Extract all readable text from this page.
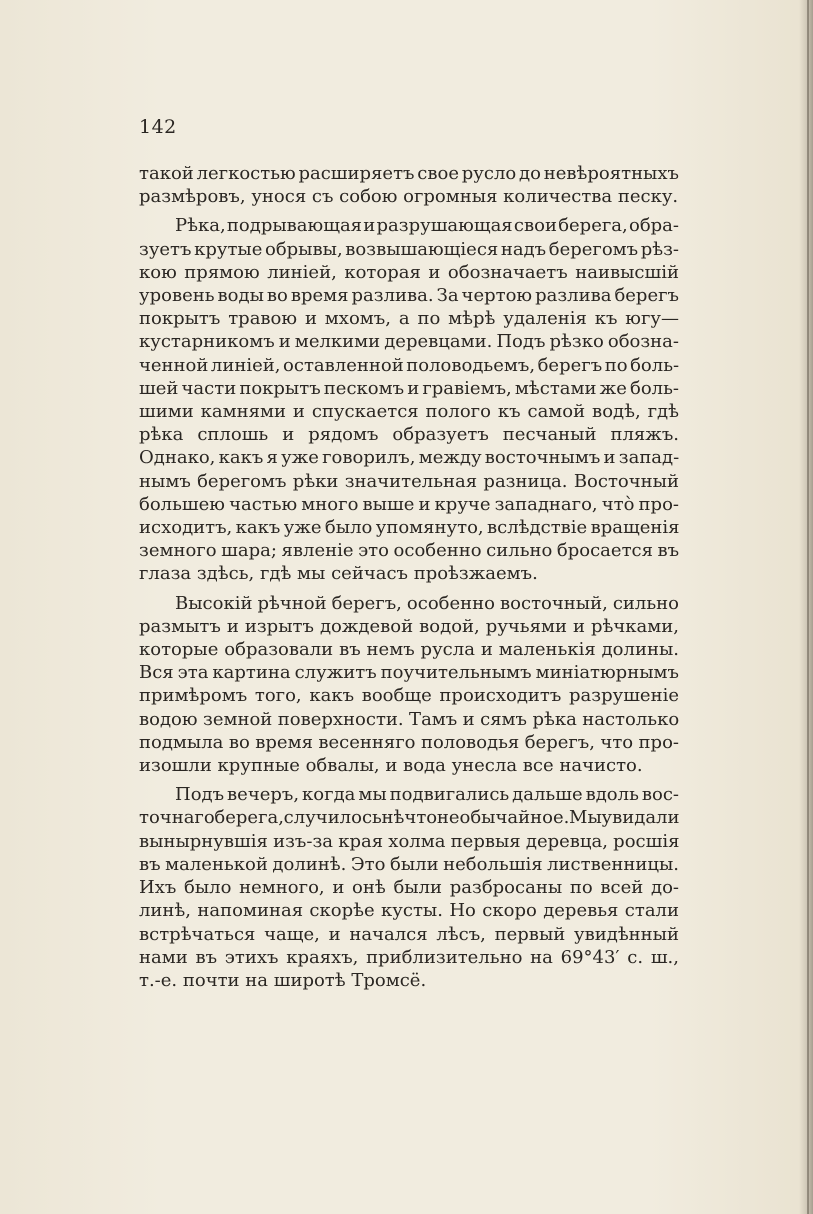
142

такой легкостью расширяетъ свое русло до невѣроятныхъ
размѣровъ, унося съ собою огромныя количества песку.

Рѣка, подрывающая и разрушающая свои берега, обра-
зуетъ крутые обрывы, возвышающіеся надъ берегомъ рѣз-
кою прямою линіей, которая и обозначаетъ наивысшій
уровень воды во время разлива. За чертою разлива берегъ
покрытъ травою и мхомъ, а по мѣрѣ удаленія къ югу—
кустарникомъ и мелкими деревцами. Подъ рѣзко обозна-
ченной линіей, оставленной половодьемъ, берегъ по боль-
шей части покрытъ пескомъ и гравіемъ, мѣстами же боль-
шими камнями и спускается полого къ самой водѣ, гдѣ
рѣка сплошь и рядомъ образуетъ песчаный пляжъ.
Однако, какъ я уже говорилъ, между восточнымъ и запад-
нымъ берегомъ рѣки значительная разница. Восточный
большею частью много выше и круче западнаго, что̀ про-
исходитъ, какъ уже было упомянуто, вслѣдствіе вращенія
земного шара; явленіе это особенно сильно бросается въ
глаза здѣсь, гдѣ мы сейчасъ проѣзжаемъ.

Высокій рѣчной берегъ, особенно восточный, сильно
размытъ и изрытъ дождевой водой, ручьями и рѣчками,
которые образовали въ немъ русла и маленькія долины.
Вся эта картина служитъ поучительнымъ миніатюрнымъ
примѣромъ того, какъ вообще происходитъ разрушеніе
водою земной поверхности. Тамъ и сямъ рѣка настолько
подмыла во время весенняго половодья берегъ, что про-
изошли крупные обвалы, и вода унесла все начисто.

Подъ вечеръ, когда мы подвигались дальше вдоль вос-
точнаго берега, случилось нѣчто необычайное. Мы увидали
вынырнувшія изъ-за края холма первыя деревца, росшія
въ маленькой долинѣ. Это были небольшія лиственницы.
Ихъ было немного, и онѣ были разбросаны по всей до-
линѣ, напоминая скорѣе кусты. Но скоро деревья стали
встрѣчаться чаще, и начался лѣсъ, первый увидѣнный
нами въ этихъ краяхъ, приблизительно на 69°43′ с. ш.,
т.-е. почти на широтѣ Тромсё.
